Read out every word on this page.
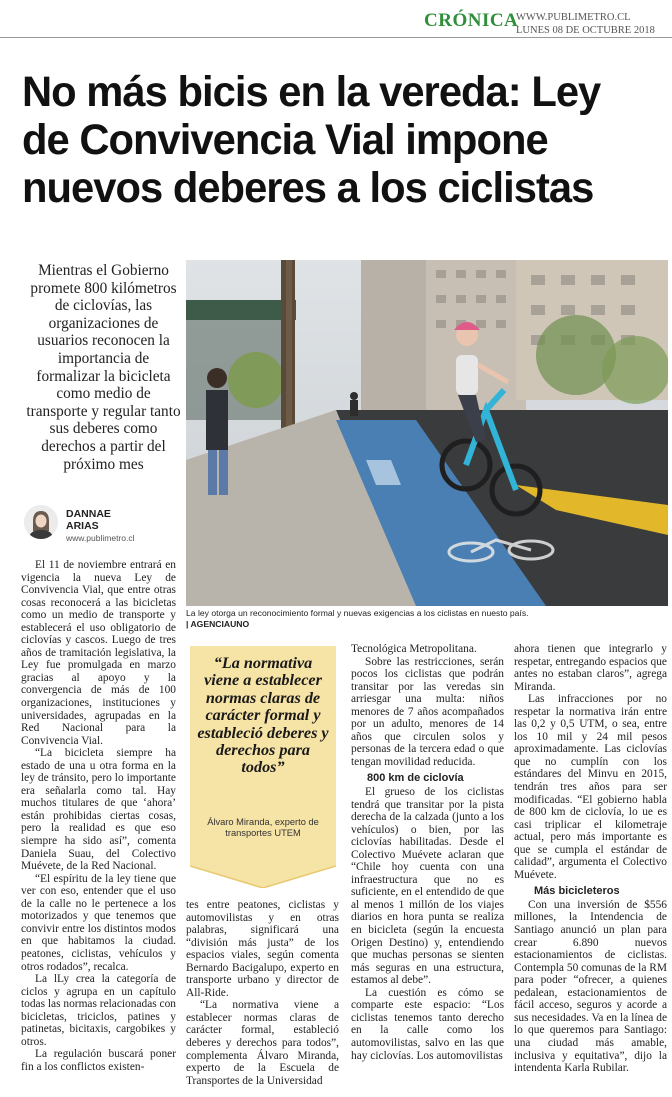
CRÓNICA
WWW.PUBLIMETRO.CL
LUNES 08 DE OCTUBRE 2018
No más bicis en la vereda: Ley de Convivencia Vial impone nuevos deberes a los ciclistas
Mientras el Gobierno promete 800 kilómetros de ciclovías, las organizaciones de usuarios reconocen la importancia de formalizar la bicicleta como medio de transporte y regular tanto sus deberes como derechos a partir del próximo mes
DANNAE
ARIAS
www.publimetro.cl
La ley otorga un reconocimiento formal y nuevas exigencias a los ciclistas en nuesto país.
| AGENCIAUNO

El 11 de noviembre entrará en vigencia la nueva Ley de Convivencia Vial, que entre otras cosas reconocerá a las bicicletas como un medio de transporte y establecerá el uso obligatorio de ciclovías y cascos. Luego de tres años de tramitación legislativa, la Ley fue promulgada en marzo gracias al apoyo y la convergencia de más de 100 organizaciones, instituciones y universidades, agrupadas en la Red Nacional para la Convivencia Vial.

“La bicicleta siempre ha estado de una u otra forma en la ley de tránsito, pero lo importante era señalarla como tal. Hay muchos titulares de que ‘ahora’ están prohibidas ciertas cosas, pero la realidad es que eso siempre ha sido así”, comenta Daniela Suau, del Colectivo Muévete, de la Red Nacional.

“El espíritu de la ley tiene que ver con eso, entender que el uso de la calle no le pertenece a los motorizados y que tenemos que convivir entre los distintos modos en que habitamos la ciudad. peatones, ciclistas, vehículos y otros rodados”, recalca.

La lLy crea la categoría de ciclos y agrupa en un capítulo todas las normas relacionadas con bicicletas, triciclos, patines y patinetas, bicitaxis, cargobikes y otros.

La regulación buscará poner fin a los conflictos existen-

“La normativa viene a establecer normas claras de carácter formal y estableció deberes y derechos para todos”
Álvaro Miranda, experto de transportes UTEM

tes entre peatones, ciclistas y automovilistas y en otras palabras, significará una “división más justa” de los espacios viales, según comenta Bernardo Bacigalupo, experto en transporte urbano y director de All-Ride.

“La normativa viene a establecer normas claras de carácter formal, estableció deberes y derechos para todos”, complementa Álvaro Miranda, experto de la Escuela de Transportes de la Universidad

Tecnológica Metropolitana.

Sobre las restricciones, serán pocos los ciclistas que podrán transitar por las veredas sin arriesgar una multa: niños menores de 7 años acompañados por un adulto, menores de 14 años que circulen solos y personas de la tercera edad o que tengan movilidad reducida.

800 km de ciclovía

El grueso de los ciclistas tendrá que transitar por la pista derecha de la calzada (junto a los vehículos) o bien, por las ciclovías habilitadas. Desde el Colectivo Muévete aclaran que “Chile hoy cuenta con una infraestructura que no es suficiente, en el entendido de que al menos 1 millón de los viajes diarios en hora punta se realiza en bicicleta (según la encuesta Origen Destino) y, entendiendo que muchas personas se sienten más seguras en una estructura, estamos al debe”.

La cuestión es cómo se comparte este espacio: “Los ciclistas tenemos tanto derecho en la calle como los automovilistas, salvo en las que hay ciclovías. Los automovilistas

ahora tienen que integrarlo y respetar, entregando espacios que antes no estaban claros”, agrega Miranda.

Las infracciones por no respetar la normativa irán entre las 0,2 y 0,5 UTM, o sea, entre los 10 mil y 24 mil pesos aproximadamente. Las ciclovías que no cumplín con los estándares del Minvu en 2015, tendrán tres años para ser modificadas. “El gobierno habla de 800 km de ciclovía, lo ue es casi triplicar el kilometraje actual, pero más importante es que se cumpla el estándar de calidad”, argumenta el Colectivo Muévete.

Más bicicleteros

Con una inversión de $556 millones, la Intendencia de Santiago anunció un plan para crear 6.890 nuevos estacionamientos de ciclistas. Contempla 50 comunas de la RM para poder “ofrecer, a quienes pedalean, estacionamientos de fácil acceso, seguros y acorde a sus necesidades. Va en la línea de lo que queremos para Santiago: una ciudad más amable, inclusiva y equitativa”, dijo la intendenta Karla Rubilar.
